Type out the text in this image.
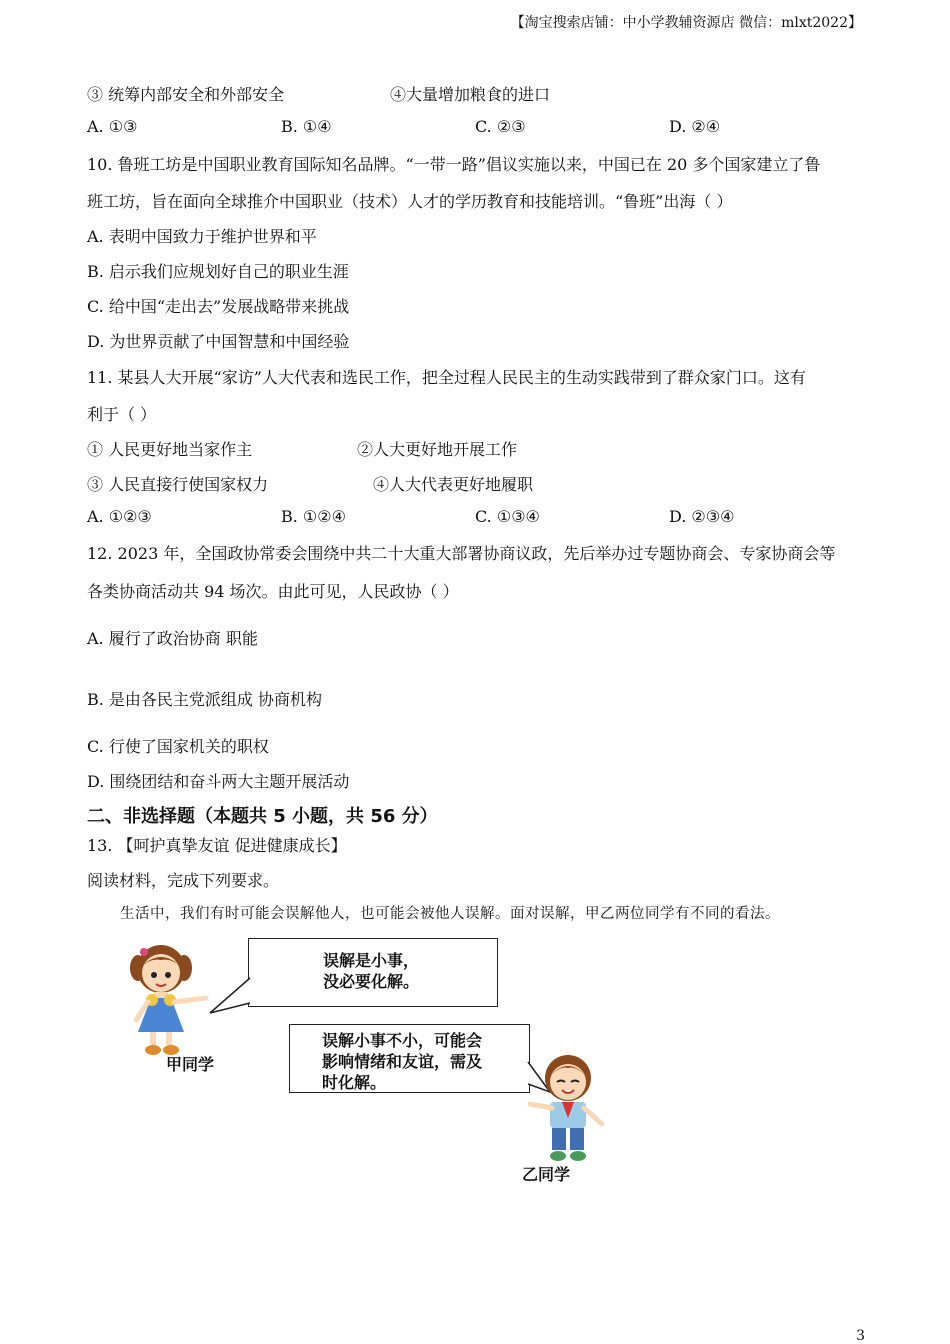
【淘宝搜索店铺：中小学教辅资源店 微信：mlxt2022】
③ 统筹内部安全和外部安全	④大量增加粮食的进口
A. ①③	B. ①④	C. ②③	D. ②④
10. 鲁班工坊是中国职业教育国际知名品牌。“一带一路”倡议实施以来，中国已在 20 多个国家建立了鲁
班工坊，旨在面向全球推介中国职业（技术）人才的学历教育和技能培训。“鲁班”出海（ ）
A. 表明中国致力于维护世界和平
B. 启示我们应规划好自己的职业生涯
C. 给中国“走出去”发展战略带来挑战
D. 为世界贡献了中国智慧和中国经验
11. 某县人大开展“家访”人大代表和选民工作，把全过程人民民主的生动实践带到了群众家门口。这有
利于（ ）
① 人民更好地当家作主	②人大更好地开展工作
③ 人民直接行使国家权力	④人大代表更好地履职
A. ①②③	B. ①②④	C. ①③④	D. ②③④
12. 2023 年，全国政协常委会围绕中共二十大重大部署协商议政，先后举办过专题协商会、专家协商会等
各类协商活动共 94 场次。由此可见，人民政协（ ）
A. 履行了政治协商 职能
B. 是由各民主党派组成 协商机构
C. 行使了国家机关的职权
D. 围绕团结和奋斗两大主题开展活动
二、非选择题（本题共 5 小题，共 56 分）
13. 【呵护真挚友谊 促进健康成长】
阅读材料，完成下列要求。
生活中，我们有时可能会误解他人，也可能会被他人误解。面对误解，甲乙两位同学有不同的看法。
误解是小事，
没必要化解。
误解小事不小，可能会
影响情绪和友谊，需及
时化解。
甲同学
乙同学
3
